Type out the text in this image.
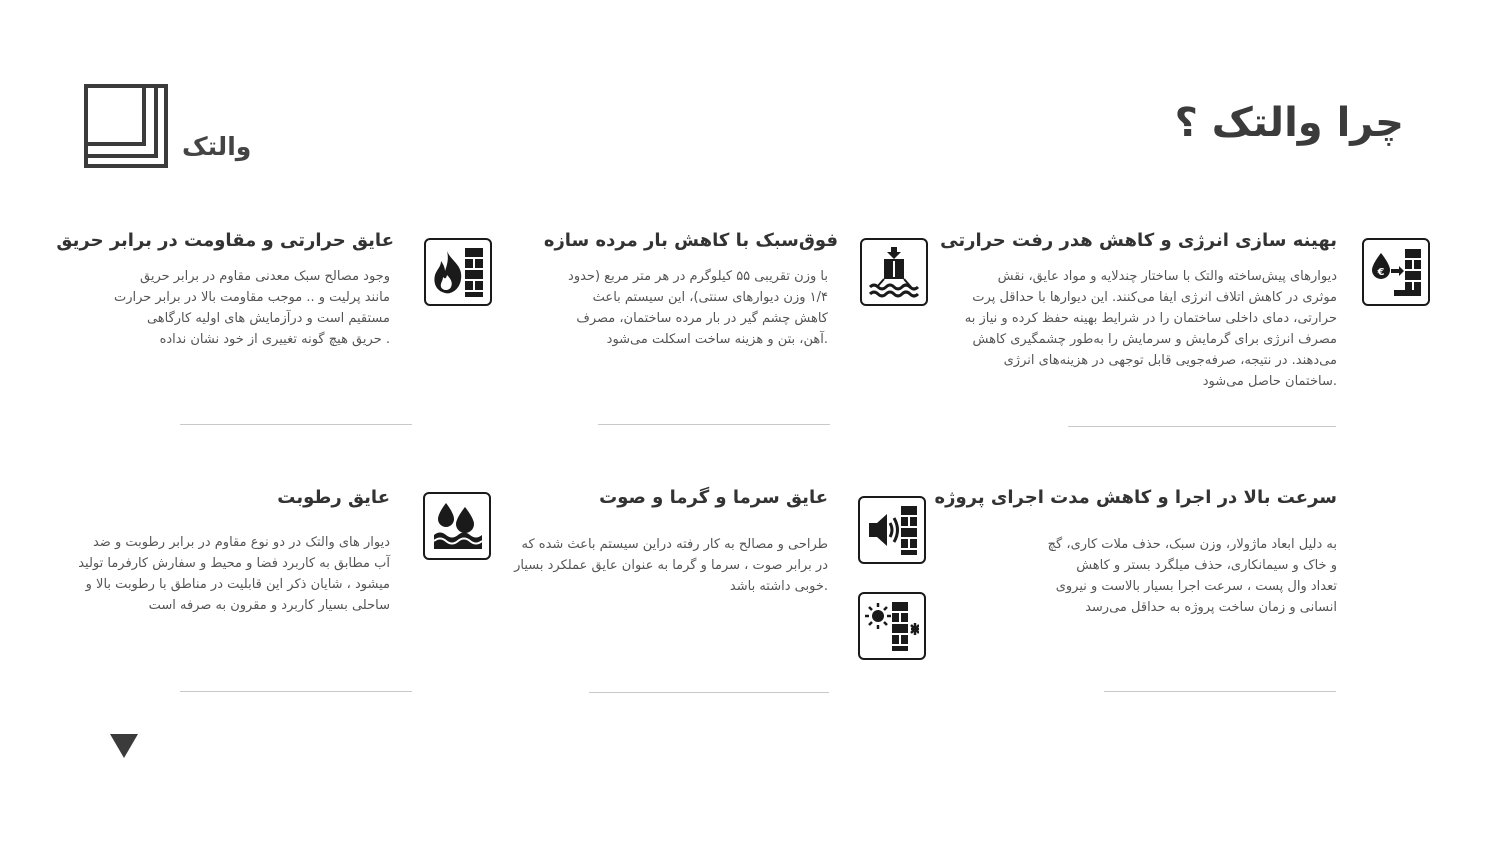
والتک
چرا والتک ؟
بهینه سازی انرژی و کاهش هدر رفت حرارتی
دیوارهای پیش‌ساخته والتک با ساختار چندلایه و مواد عایق، نقش
موثری در کاهش اتلاف انرژی ایفا می‌کنند. این دیوارها با حداقل پرت
حرارتی، دمای داخلی ساختمان را در شرایط بهینه حفظ کرده و نیاز به
مصرف انرژی برای گرمایش و سرمایش را به‌طور چشمگیری کاهش
می‌دهند. در نتیجه، صرفه‌جویی قابل توجهی در هزینه‌های انرژی
.ساختمان حاصل می‌شود
€
فوق‌سبک با کاهش بار مرده سازه
با وزن تقریبی ۵۵ کیلوگرم در هر متر مربع (حدود
۱/۴ وزن دیوارهای سنتی)، این سیستم باعث
کاهش چشم گیر در بار مرده ساختمان، مصرف
.آهن، بتن و هزینه ساخت اسکلت می‌شود
عایق حرارتی و مقاومت در برابر حریق
وجود مصالح سبک معدنی مقاوم در برابر حریق
مانند پرلیت و .. موجب مقاومت بالا در برابر حرارت
مستقیم است و درآزمایش های اولیه کارگاهی
. حریق هیچ گونه تغییری از خود نشان نداده
سرعت بالا در اجرا و کاهش مدت اجرای پروژه
به دلیل ابعاد ماژولار، وزن سبک، حذف ملات کاری، گچ
و خاک و سیمانکاری، حذف میلگرد بستر و کاهش
تعداد وال پست ، سرعت اجرا بسیار بالاست و نیروی
انسانی و زمان ساخت پروژه به حداقل می‌رسد
عایق سرما و گرما و صوت
طراحی و مصالح به کار رفته دراین سیستم باعث شده که
در برابر صوت ، سرما و گرما به عنوان عایق عملکرد بسیار
.خوبی داشته باشد
عایق رطوبت
دیوار های والتک در دو نوع مقاوم در برابر رطوبت و ضد
آب مطابق به کاربرد فضا و محیط و سفارش کارفرما تولید
میشود ، شایان ذکر این قابلیت در مناطق با رطوبت بالا و
ساحلی بسیار کاربرد و مقرون به صرفه است
